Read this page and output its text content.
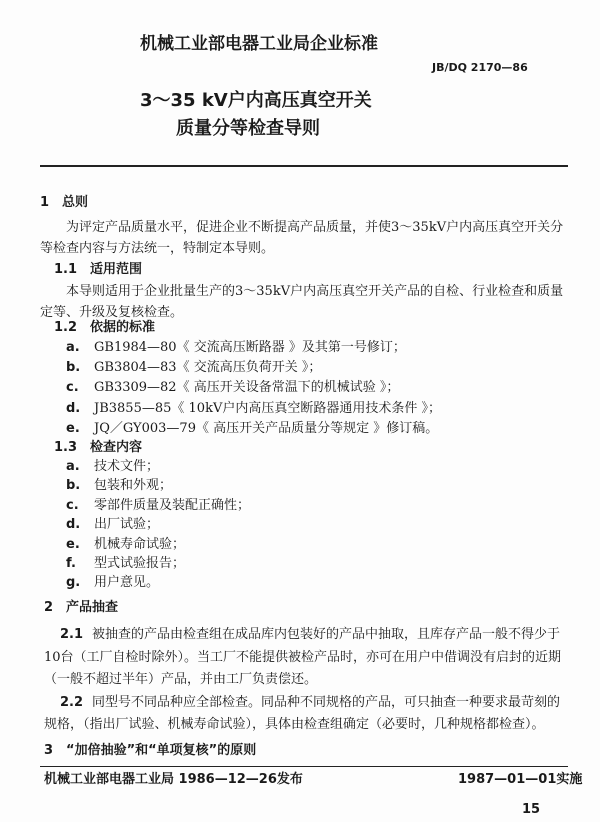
机械工业部电器工业局企业标准
JB/DQ 2170—86
3～35 kV户内高压真空开关
质量分等检查导则
1　总则
为评定产品质量水平，促进企业不断提高产品质量，并使3～35kV户内高压真空开关分
等检查内容与方法统一，特制定本导则。
1.1　适用范围
本导则适用于企业批量生产的3～35kV户内高压真空开关产品的自检、行业检查和质量
定等、升级及复核检查。
1.2　依据的标准
a. GB1984—80《 交流高压断路器 》及其第一号修订；
b. GB3804—83《 交流高压负荷开关 》；
c. GB3309—82《 高压开关设备常温下的机械试验 》；
d. JB3855—85《 10kV户内高压真空断路器通用技术条件 》；
e. JQ／GY003—79《 高压开关产品质量分等规定 》修订稿。
1.3　检查内容
a. 技术文件；
b. 包装和外观；
c. 零部件质量及装配正确性；
d. 出厂试验；
e. 机械寿命试验；
f. 型式试验报告；
g. 用户意见。
2　产品抽查
2.1 被抽查的产品由检查组在成品库内包装好的产品中抽取，且库存产品一般不得少于
10台（工厂自检时除外）。当工厂不能提供被检产品时，亦可在用户中借调没有启封的近期
（一般不超过半年）产品，并由工厂负责偿还。
2.2 同型号不同品种应全部检查。同品种不同规格的产品，可只抽查一种要求最苛刻的
规格，（指出厂试验、机械寿命试验），具体由检查组确定（必要时，几种规格都检查）。
3　“加倍抽验”和“单项复核”的原则
机械工业部电器工业局 1986—12—26发布	1987—01—01实施
15
